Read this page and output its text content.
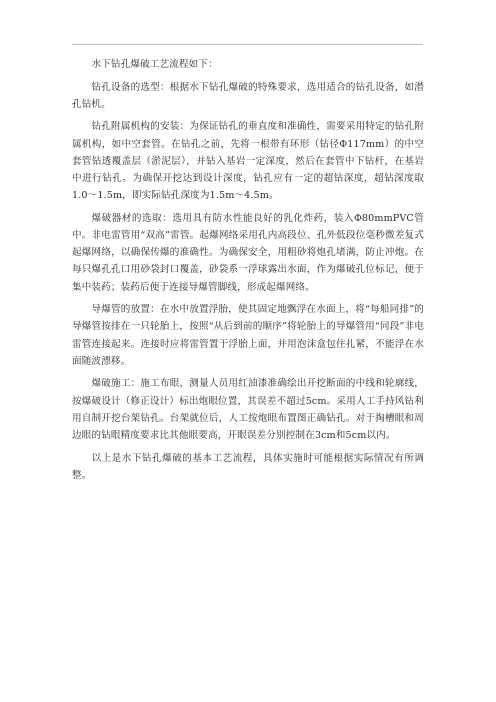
水下钻孔爆破工艺流程如下：

钻孔设备的选型：根据水下钻孔爆破的特殊要求，选用适合的钻孔设备，如潜孔钻机。

钻孔附属机构的安装：为保证钻孔的垂直度和准确性，需要采用特定的钻孔附属机构，如中空套管。在钻孔之前，先将一根带有环形（钻径Φ117mm）的中空套管钻透覆盖层（淤泥层），并钻入基岩一定深度，然后在套管中下钻杆，在基岩中进行钻孔。为确保开挖达到设计深度，钻孔应有一定的超钻深度，超钻深度取1.0～1.5m，即实际钻孔深度为1.5m～4.5m。

爆破器材的选取：选用具有防水性能良好的乳化炸药，装入Φ80mmPVC管中。非电雷管用“双高”雷管。起爆网络采用孔内高段位、孔外低段位毫秒微差复式起爆网络，以确保传爆的准确性。为确保安全，用粗砂将炮孔堵满，防止冲炮。在每只爆孔孔口用砂袋封口覆盖，砂袋系一浮球露出水面，作为爆破孔位标记，便于集中装药；装药后便于连接导爆管脚线，形成起爆网络。

导爆管的放置：在水中放置浮胎，使其固定地飘浮在水面上，将“每船同排”的导爆管按排在一只轮胎上，按照“从后到前的顺序”将轮胎上的导爆管用“同段”非电雷管连接起来。连接时应将雷管置于浮胎上面，并用泡沫盒包住扎紧，不能浮在水面随波漂移。

爆破施工：施工布眼，测量人员用红油漆准确绘出开挖断面的中线和轮廓线，按爆破设计（修正设计）标出炮眼位置，其误差不超过5cm。采用人工手持风钻利用自制开挖台架钻孔。台架就位后，人工按炮眼布置图正确钻孔。对于掏槽眼和周边眼的钻眼精度要求比其他眼要高，开眼误差分别控制在3cm和5cm以内。

以上是水下钻孔爆破的基本工艺流程，具体实施时可能根据实际情况有所调整。
